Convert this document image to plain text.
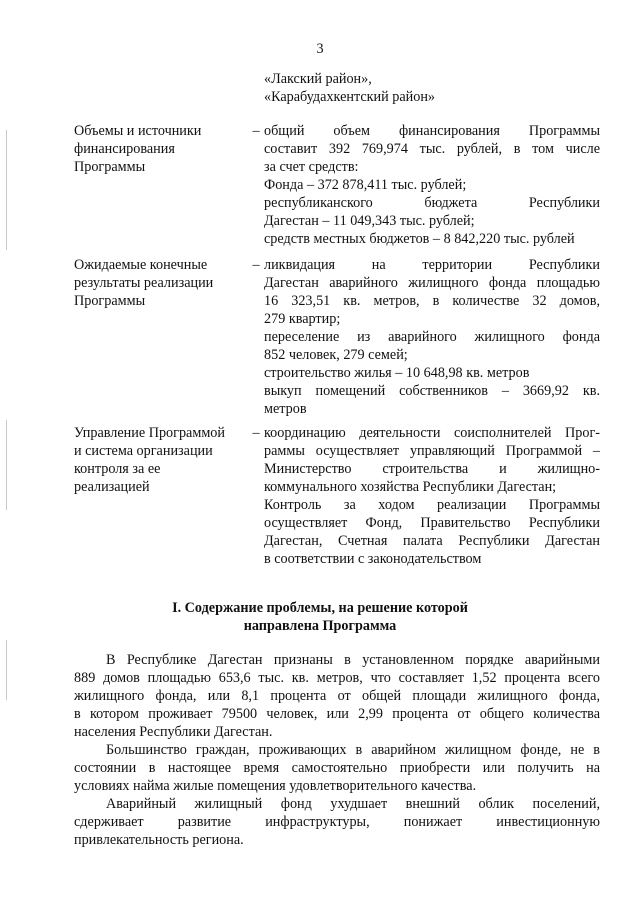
3
«Лакский район»,
«Карабудахкентский район»
Объемы и источники
финансирования
Программы
– общий объем финансирования Программы
составит 392 769,974 тыс. рублей, в том числе
за счет средств:
Фонда – 372 878,411 тыс. рублей;
республиканского бюджета Республики
Дагестан – 11 049,343 тыс. рублей;
средств местных бюджетов – 8 842,220 тыс. рублей
Ожидаемые конечные
результаты реализации
Программы
– ликвидация на территории Республики
Дагестан аварийного жилищного фонда площадью
16 323,51 кв. метров, в количестве 32 домов,
279 квартир;
переселение из аварийного жилищного фонда
852 человек, 279 семей;
строительство жилья – 10 648,98 кв. метров
выкуп помещений собственников – 3669,92 кв.
метров
Управление Программой
и система организации
контроля за ее
реализацией
– координацию деятельности соисполнителей Прог-
раммы осуществляет управляющий Программой –
Министерство строительства и жилищно-
коммунального хозяйства Республики Дагестан;
Контроль за ходом реализации Программы
осуществляет Фонд, Правительство Республики
Дагестан, Счетная палата Республики Дагестан
в соответствии с законодательством
I. Содержание проблемы, на решение которой
направлена Программа
В Республике Дагестан признаны в установленном порядке аварийными
889 домов площадью 653,6 тыс. кв. метров, что составляет 1,52 процента всего
жилищного фонда, или 8,1 процента от общей площади жилищного фонда,
в котором проживает 79500 человек, или 2,99 процента от общего количества
населения Республики Дагестан.
Большинство граждан, проживающих в аварийном жилищном фонде, не в
состоянии в настоящее время самостоятельно приобрести или получить на
условиях найма жилые помещения удовлетворительного качества.
Аварийный жилищный фонд ухудшает внешний облик поселений,
сдерживает развитие инфраструктуры, понижает инвестиционную
привлекательность региона.
